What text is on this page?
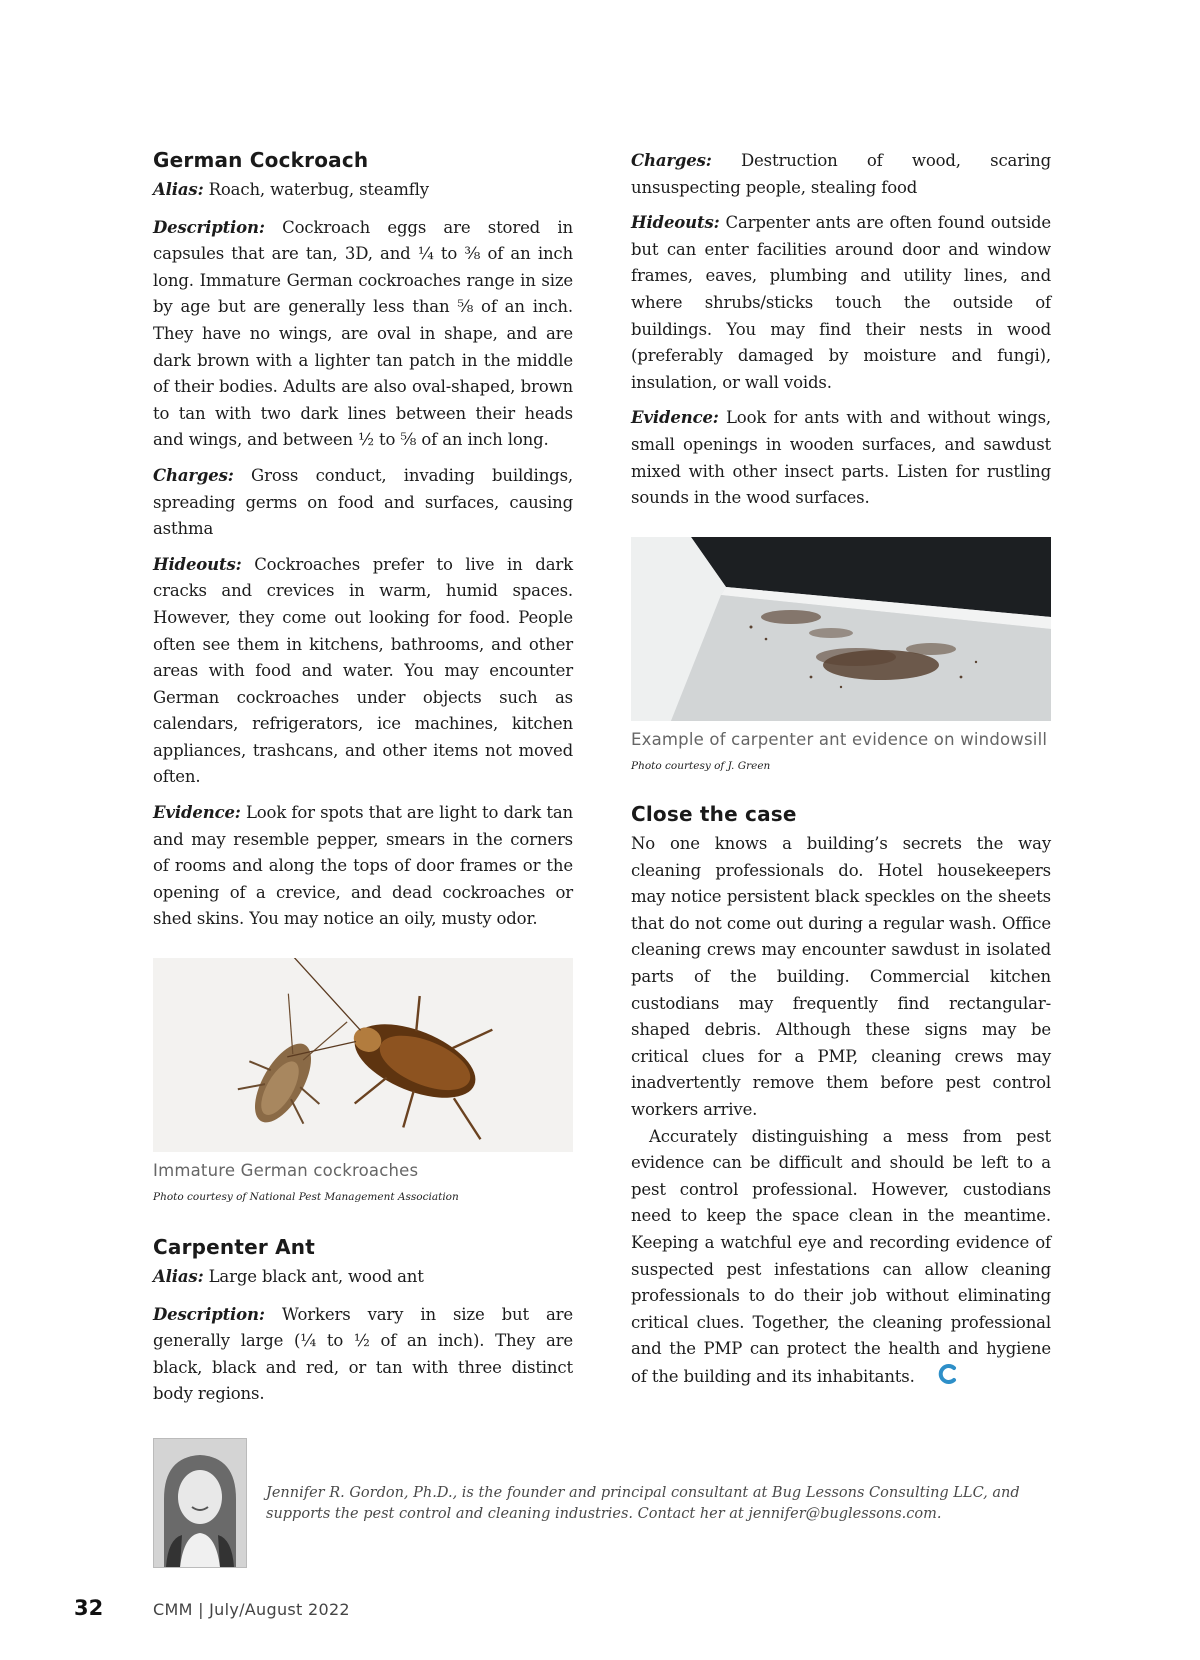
German Cockroach

Alias: Roach, waterbug, steamfly

Description: Cockroach eggs are stored in capsules that are tan, 3D, and ¼ to ⅜ of an inch long. Immature German cockroaches range in size by age but are generally less than ⅝ of an inch. They have no wings, are oval in shape, and are dark brown with a lighter tan patch in the middle of their bodies. Adults are also oval-shaped, brown to tan with two dark lines between their heads and wings, and between ½ to ⅝ of an inch long.

Charges: Gross conduct, invading buildings, spreading germs on food and surfaces, causing asthma

Hideouts: Cockroaches prefer to live in dark cracks and crevices in warm, humid spaces. However, they come out looking for food. People often see them in kitchens, bathrooms, and other areas with food and water. You may encounter German cockroaches under objects such as calendars, refrigerators, ice machines, kitchen appliances, trashcans, and other items not moved often.

Evidence: Look for spots that are light to dark tan and may resemble pepper, smears in the corners of rooms and along the tops of door frames or the opening of a crevice, and dead cockroaches or shed skins. You may notice an oily, musty odor.

Immature German cockroaches
Photo courtesy of National Pest Management Association
Carpenter Ant

Alias: Large black ant, wood ant

Description: Workers vary in size but are generally large (¼ to ½ of an inch). They are black, black and red, or tan with three distinct body regions.

Charges: Destruction of wood, scaring unsuspecting people, stealing food

Hideouts: Carpenter ants are often found outside but can enter facilities around door and window frames, eaves, plumbing and utility lines, and where shrubs/sticks touch the outside of buildings. You may find their nests in wood (preferably damaged by moisture and fungi), insulation, or wall voids.

Evidence: Look for ants with and without wings, small openings in wooden surfaces, and sawdust mixed with other insect parts. Listen for rustling sounds in the wood surfaces.

Example of carpenter ant evidence on windowsill
Photo courtesy of J. Green
Close the case

No one knows a building’s secrets the way cleaning professionals do. Hotel housekeepers may notice persistent black speckles on the sheets that do not come out during a regular wash. Office cleaning crews may encounter sawdust in isolated parts of the building. Commercial kitchen custodians may frequently find rectangular-shaped debris. Although these signs may be critical clues for a PMP, cleaning crews may inadvertently remove them before pest control workers arrive.

Accurately distinguishing a mess from pest evidence can be difficult and should be left to a pest control professional. However, custodians need to keep the space clean in the meantime. Keeping a watchful eye and recording evidence of suspected pest infestations can allow cleaning professionals to do their job without eliminating critical clues. Together, the cleaning professional and the PMP can protect the health and hygiene of the building and its inhabitants.

Jennifer R. Gordon, Ph.D., is the founder and principal consultant at Bug Lessons Consulting LLC, and supports the pest control and cleaning industries. Contact her at jennifer@buglessons.com.
32	CMM | July/August 2022
